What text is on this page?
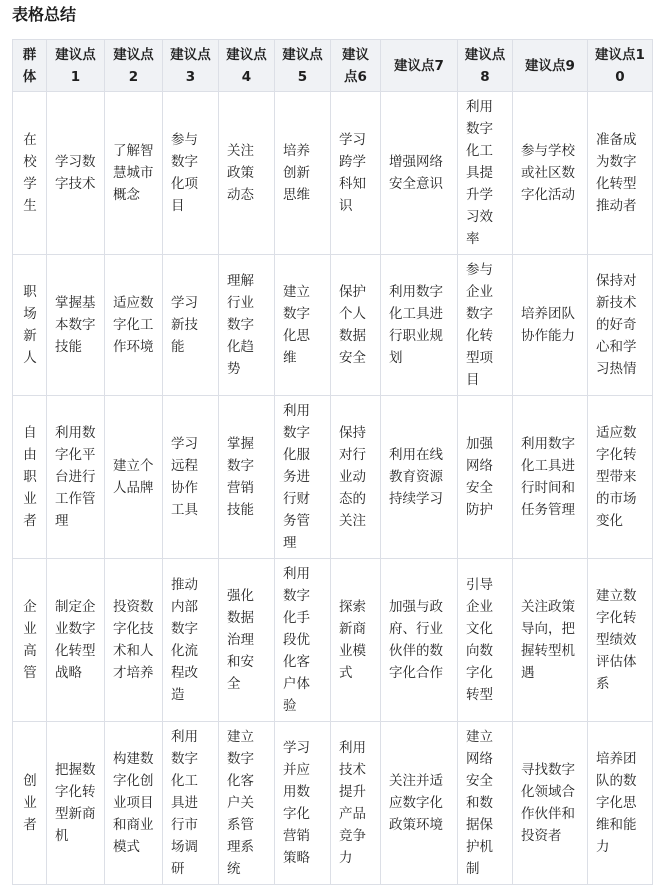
表格总结
群体	建议点1	建议点2	建议点3	建议点4	建议点5	建议点6	建议点7	建议点8	建议点9	建议点10
在校学生	学习数字技术	了解智慧城市概念	参与数字化项目	关注政策动态	培养创新思维	学习跨学科知识	增强网络安全意识	利用数字化工具提升学习效率	参与学校或社区数字化活动	准备成为数字化转型推动者
职场新人	掌握基本数字技能	适应数字化工作环境	学习新技能	理解行业数字化趋势	建立数字化思维	保护个人数据安全	利用数字化工具进行职业规划	参与企业数字化转型项目	培养团队协作能力	保持对新技术的好奇心和学习热情
自由职业者	利用数字化平台进行工作管理	建立个人品牌	学习远程协作工具	掌握数字营销技能	利用数字化服务进行财务管理	保持对行业动态的关注	利用在线教育资源持续学习	加强网络安全防护	利用数字化工具进行时间和任务管理	适应数字化转型带来的市场变化
企业高管	制定企业数字化转型战略	投资数字化技术和人才培养	推动内部数字化流程改造	强化数据治理和安全	利用数字化手段优化客户体验	探索新商业模式	加强与政府、行业伙伴的数字化合作	引导企业文化向数字化转型	关注政策导向，把握转型机遇	建立数字化转型绩效评估体系
创业者	把握数字化转型新商机	构建数字化创业项目和商业模式	利用数字化工具进行市场调研	建立数字化客户关系管理系统	学习并应用数字化营销策略	利用技术提升产品竞争力	关注并适应数字化政策环境	建立网络安全和数据保护机制	寻找数字化领域合作伙伴和投资者	培养团队的数字化思维和能力
